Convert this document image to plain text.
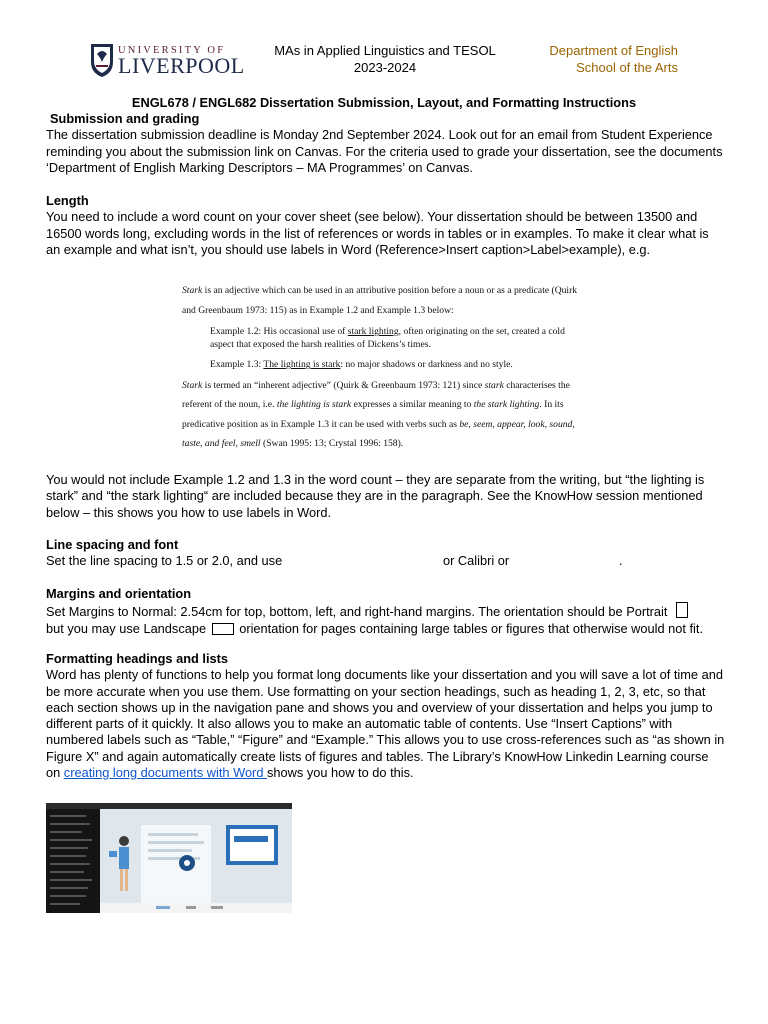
UNIVERSITY OF
LIVERPOOL
MAs in Applied Linguistics and TESOL
2023-2024
Department of English
School of the Arts
ENGL678 / ENGL682 Dissertation Submission, Layout, and Formatting Instructions
Submission and grading
The dissertation submission deadline is Monday 2nd September 2024. Look out for an email from Student Experience reminding you about the submission link on Canvas. For the criteria used to grade your dissertation, see the documents ‘Department of English Marking Descriptors – MA Programmes’ on Canvas.
Length
You need to include a word count on your cover sheet (see below). Your dissertation should be between 13500 and 16500 words long, excluding words in the list of references or words in tables or in examples. To make it clear what is an example and what isn’t, you should use labels in Word (Reference>Insert caption>Label>example), e.g.

Stark is an adjective which can be used in an attributive position before a noun or as a predicate (Quirk and Greenbaum 1973: 115) as in Example 1.2 and Example 1.3 below:

Example 1.2: His occasional use of stark lighting, often originating on the set, created a cold aspect that exposed the harsh realities of Dickens’s times.

Example 1.3: The lighting is stark: no major shadows or darkness and no style.

Stark is termed an “inherent adjective” (Quirk & Greenbaum 1973: 121) since stark characterises the referent of the noun, i.e. the lighting is stark expresses a similar meaning to the stark lighting. In its predicative position as in Example 1.3 it can be used with verbs such as be, seem, appear, look, sound, taste, and feel, smell (Swan 1995: 13; Crystal 1996: 158).

You would not include Example 1.2 and 1.3 in the word count – they are separate from the writing, but “the lighting is stark” and “the stark lighting“ are included because they are in the paragraph. See the KnowHow session mentioned below – this shows you how to use labels in Word.
Line spacing and font
Set the line spacing to 1.5 or 2.0, and use	or Calibri or	.
Margins and orientation
Set Margins to Normal: 2.54cm for top, bottom, left, and right-hand margins. The orientation should be Portrait
but you may use Landscape	orientation for pages containing large tables or figures that otherwise would not fit.
Formatting headings and lists
Word has plenty of functions to help you format long documents like your dissertation and you will save a lot of time and be more accurate when you use them. Use formatting on your section headings, such as heading 1, 2, 3, etc, so that each section shows up in the navigation pane and shows you and overview of your dissertation and helps you jump to different parts of it quickly. It also allows you to make an automatic table of contents. Use “Insert Captions” with numbered labels such as “Table,” “Figure” and “Example.” This allows you to use cross-references such as “as shown in Figure X” and again automatically create lists of figures and tables. The Library’s KnowHow Linkedin Learning course on creating long documents with Word shows you how to do this.
